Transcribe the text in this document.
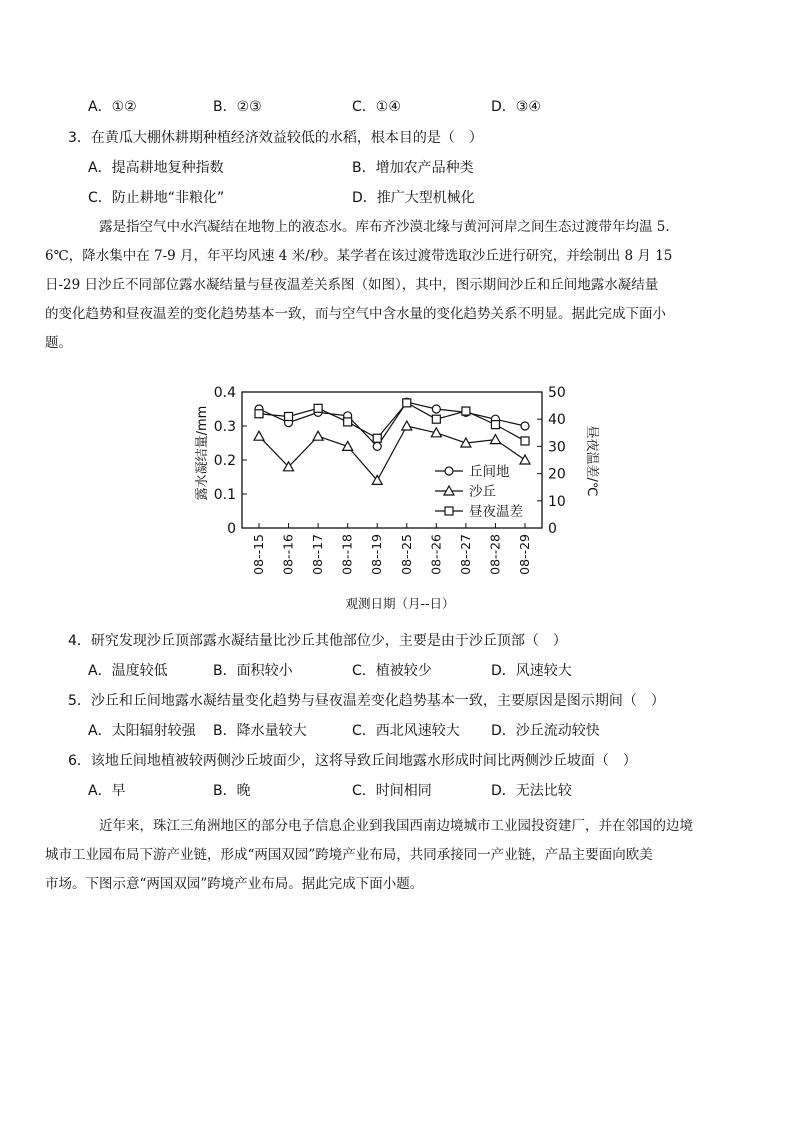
A．①②	B．②③	C．①④	D．③④
3．在黄瓜大棚休耕期种植经济效益较低的水稻，根本目的是（　）
A．提高耕地复种指数	B．增加农产品种类
C．防止耕地“非粮化”	D．推广大型机械化
露是指空气中水汽凝结在地物上的液态水。库布齐沙漠北缘与黄河河岸之间生态过渡带年均温 5.
6℃，降水集中在 7-9 月，年平均风速 4 米/秒。某学者在该过渡带选取沙丘进行研究，并绘制出 8 月 15
日-29 日沙丘不同部位露水凝结量与昼夜温差关系图（如图），其中，图示期间沙丘和丘间地露水凝结量
的变化趋势和昼夜温差的变化趋势基本一致，而与空气中含水量的变化趋势关系不明显。据此完成下面小
题。
0
0.1
0.2
0.3
0.4
0
10
20
30
40
50
08--15 08--16 08--17 08--18 08--19 08--25 08--26 08--27 08--28 08--29
丘间地
沙丘
昼夜温差
露水凝结量/mm	昼夜温差/℃
观测日期（月--日）
4．研究发现沙丘顶部露水凝结量比沙丘其他部位少，主要是由于沙丘顶部（　）
A．温度较低	B．面积较小	C．植被较少	D．风速较大
5．沙丘和丘间地露水凝结量变化趋势与昼夜温差变化趋势基本一致，主要原因是图示期间（　）
A．太阳辐射较强 B．降水量较大	C．西北风速较大 D．沙丘流动较快
6．该地丘间地植被较两侧沙丘坡面少，这将导致丘间地露水形成时间比两侧沙丘坡面（　）
A．早	B．晚	C．时间相同	D．无法比较
近年来，珠江三角洲地区的部分电子信息企业到我国西南边境城市工业园投资建厂，并在邻国的边境
城市工业园布局下游产业链，形成“两国双园”跨境产业布局，共同承接同一产业链，产品主要面向欧美
市场。下图示意“两国双园”跨境产业布局。据此完成下面小题。
